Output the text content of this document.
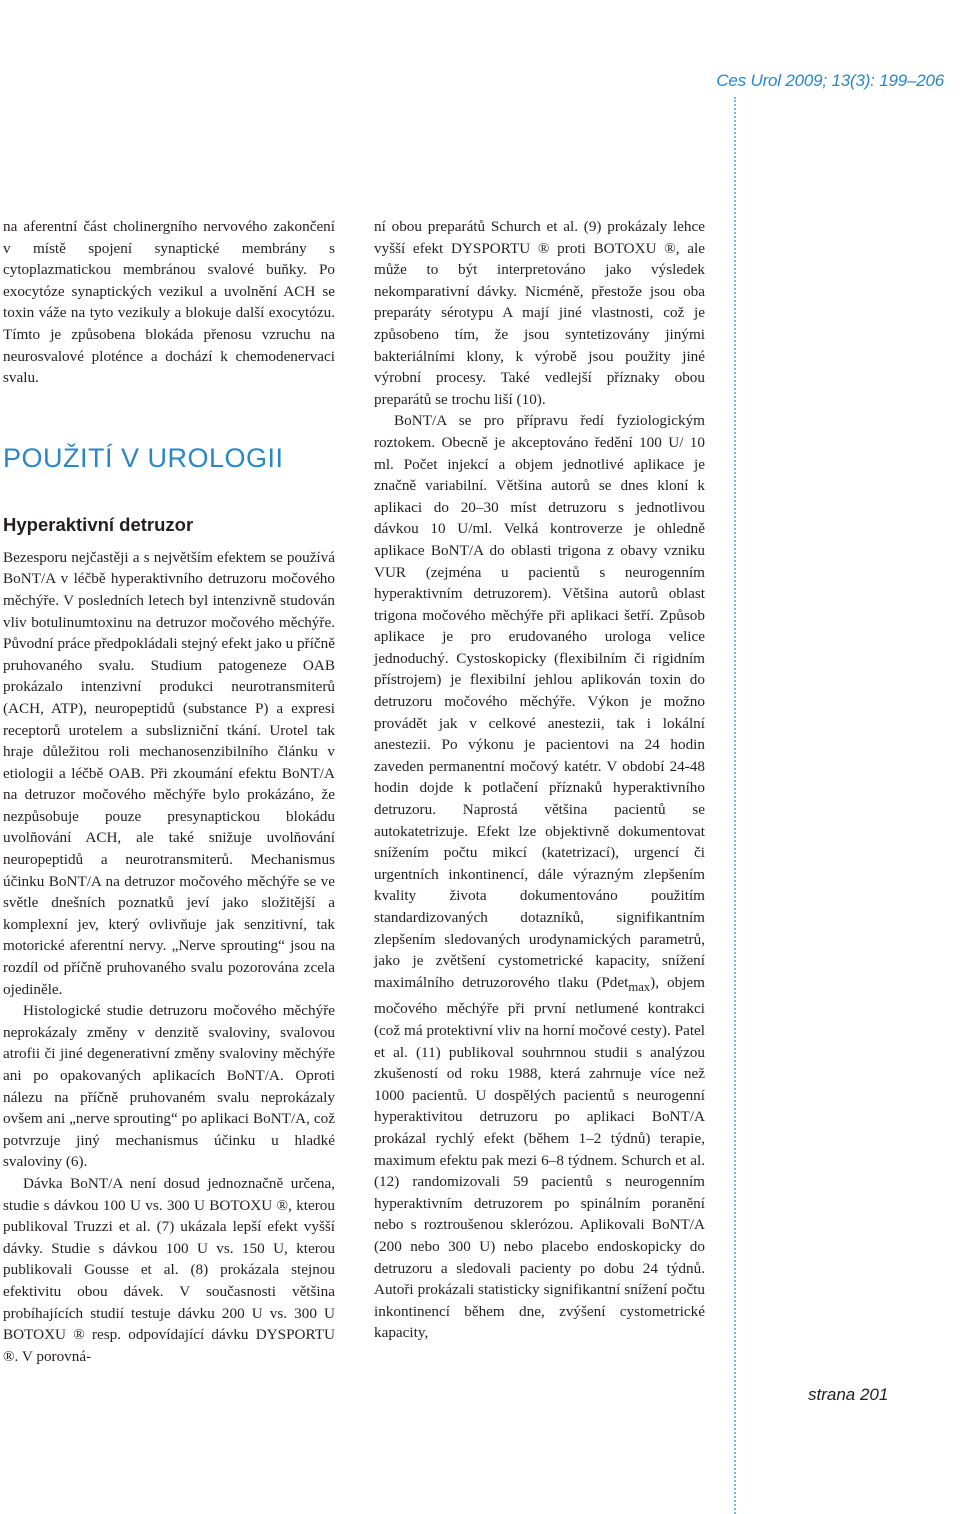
Ces Urol 2009; 13(3): 199–206

na aferentní část cholinergního nervového zakončení v místě spojení synaptické membrány s cytoplazmatickou membránou svalové buňky. Po exocytóze synaptických vezikul a uvolnění ACH se toxin váže na tyto vezikuly a blokuje další exocytózu. Tímto je způsobena blokáda přenosu vzruchu na neurosvalové ploténce a dochází k chemodenervaci svalu.

POUŽITÍ V UROLOGII
Hyperaktivní detruzor

Bezesporu nejčastěji a s největším efektem se používá BoNT/A v léčbě hyperaktivního detruzoru močového měchýře. V posledních letech byl intenzivně studován vliv botulinumtoxinu na detruzor močového měchýře. Původní práce předpokládali stejný efekt jako u příčně pruhovaného svalu. Studium patogeneze OAB prokázalo intenzivní produkci neurotransmiterů (ACH, ATP), neuropeptidů (substance P) a expresi receptorů urotelem a subslizniční tkání. Urotel tak hraje důležitou roli mechanosenzibilního článku v etiologii a léčbě OAB. Při zkoumání efektu BoNT/A na detruzor močového měchýře bylo prokázáno, že nezpůsobuje pouze presynaptickou blokádu uvolňování ACH, ale také snižuje uvolňování neuropeptidů a neurotransmiterů. Mechanismus účinku BoNT/A na detruzor močového měchýře se ve světle dnešních poznatků jeví jako složitější a komplexní jev, který ovlivňuje jak senzitivní, tak motorické aferentní nervy. „Nerve sprouting“ jsou na rozdíl od příčně pruhovaného svalu pozorována zcela ojediněle.

Histologické studie detruzoru močového měchýře neprokázaly změny v denzitě svaloviny, svalovou atrofii či jiné degenerativní změny svaloviny měchýře ani po opakovaných aplikacích BoNT/A. Oproti nálezu na příčně pruhovaném svalu neprokázaly ovšem ani „nerve sprouting“ po aplikaci BoNT/A, což potvrzuje jiný mechanismus účinku u hladké svaloviny (6).

Dávka BoNT/A není dosud jednoznačně určena, studie s dávkou 100 U vs. 300 U BOTOXU ®, kterou publikoval Truzzi et al. (7) ukázala lepší efekt vyšší dávky. Studie s dávkou 100 U vs. 150 U, kterou publikovali Gousse et al. (8) prokázala stejnou efektivitu obou dávek. V současnosti většina probíhajících studií testuje dávku 200 U vs. 300 U BOTOXU ® resp. odpovídající dávku DYSPORTU ®. V porovná-

ní obou preparátů Schurch et al. (9) prokázaly lehce vyšší efekt DYSPORTU ® proti BOTOXU ®, ale může to být interpretováno jako výsledek nekomparativní dávky. Nicméně, přestože jsou oba preparáty sérotypu A mají jiné vlastnosti, což je způsobeno tím, že jsou syntetizovány jinými bakteriálními klony, k výrobě jsou použity jiné výrobní procesy. Také vedlejší příznaky obou preparátů se trochu liší (10).

BoNT/A se pro přípravu ředí fyziologickým roztokem. Obecně je akceptováno ředění 100 U/ 10 ml. Počet injekcí a objem jednotlivé aplikace je značně variabilní. Většina autorů se dnes kloní k aplikaci do 20–30 míst detruzoru s jednotlivou dávkou 10 U/ml. Velká kontroverze je ohledně aplikace BoNT/A do oblasti trigona z obavy vzniku VUR (zejména u pacientů s neurogenním hyperaktivním detruzorem). Většina autorů oblast trigona močového měchýře při aplikaci šetří. Způsob aplikace je pro erudovaného urologa velice jednoduchý. Cystoskopicky (flexibilním či rigidním přístrojem) je flexibilní jehlou aplikován toxin do detruzoru močového měchýře. Výkon je možno provádět jak v celkové anestezii, tak i lokální anestezii. Po výkonu je pacientovi na 24 hodin zaveden permanentní močový katétr. V období 24-48 hodin dojde k potlačení příznaků hyperaktivního detruzoru. Naprostá většina pacientů se autokatetrizuje. Efekt lze objektivně dokumentovat snížením počtu mikcí (katetrizací), urgencí či urgentních inkontinencí, dále výrazným zlepšením kvality života dokumentováno použitím standardizovaných dotazníků, signifikantním zlepšením sledovaných urodynamických parametrů, jako je zvětšení cystometrické kapacity, snížení maximálního detruzorového tlaku (Pdet$_{max}$), objem močového měchýře při první netlumené kontrakci (což má protektivní vliv na horní močové cesty). Patel et al. (11) publikoval souhrnnou studii s analýzou zkušeností od roku 1988, která zahrnuje více než 1000 pacientů. U dospělých pacientů s neurogenní hyperaktivitou detruzoru po aplikaci BoNT/A prokázal rychlý efekt (během 1–2 týdnů) terapie, maximum efektu pak mezi 6–8 týdnem. Schurch et al. (12) randomizovali 59 pacientů s neurogenním hyperaktivním detruzorem po spinálním poranění nebo s roztroušenou sklerózou. Aplikovali BoNT/A (200 nebo 300 U) nebo placebo endoskopicky do detruzoru a sledovali pacienty po dobu 24 týdnů. Autoři prokázali statisticky signifikantní snížení počtu inkontinencí během dne, zvýšení cystometrické kapacity,

strana 201
